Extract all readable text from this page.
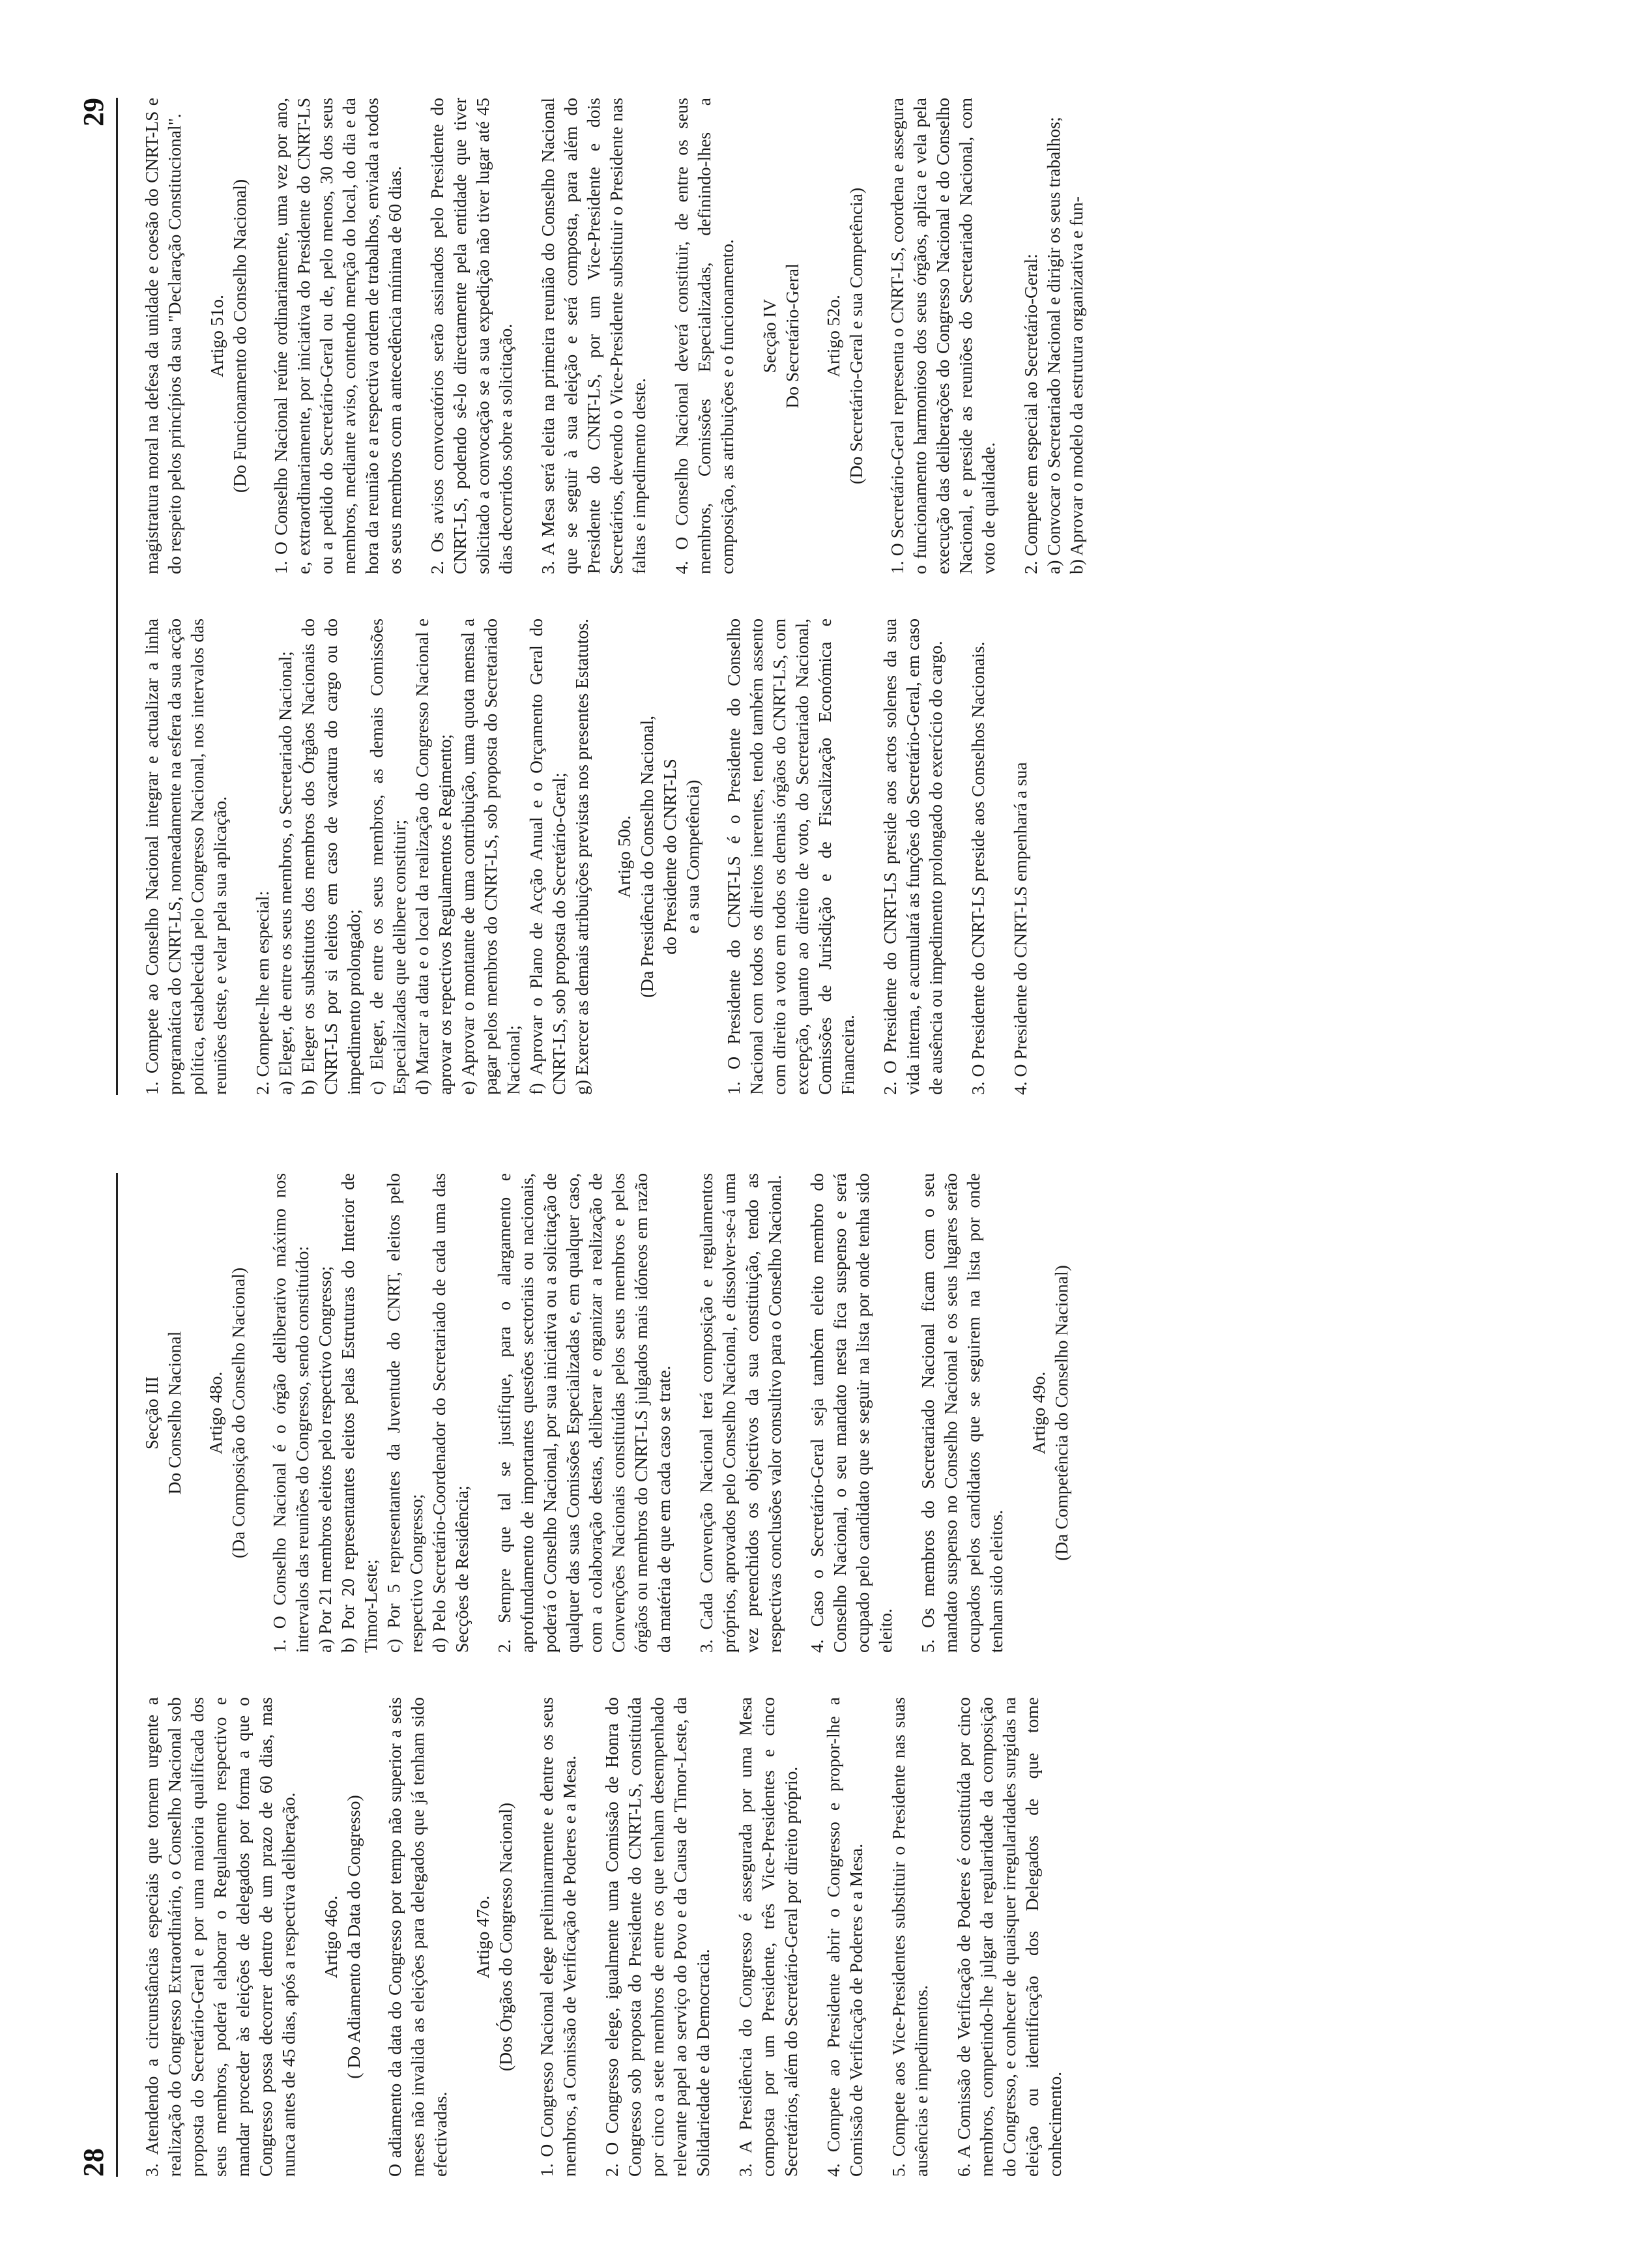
28 3. Atendendo a circunstâncias especiais que tornem urgente a realização do Congresso Extraordinário, o Conselho Nacional sob proposta do Secretário-Geral e por uma maioria qualificada dos seus membros, poderá elaborar o Regulamento respectivo e mandar proceder às eleições de delegados por forma a que o Congresso possa decorrer dentro de um prazo de 60 dias, mas nunca antes de 45 dias, após a respectiva deliberação. Artigo 46o. ( Do Adiamento da Data do Congresso) O adiamento da data do Congresso por tempo não superior a seis meses não invalida as eleições para delegados que já tenham sido efectivadas.

Artigo 47o. (Dos Órgãos do Congresso Nacional) 1. O Congresso Nacional elege preliminarmente e dentre os seus membros, a Comissão de Verificação de Poderes e a Mesa. 2. O Congresso elege, igualmente uma Comissão de Honra do Congresso sob proposta do Presidente do CNRT-LS, constituída por cinco a sete membros de entre os que tenham desempenhado relevante papel ao serviço do Povo e da Causa de Timor-Leste, da Solidariedade e da Democracia. 3. A Presidência do Congresso é assegurada por uma Mesa composta por um Presidente, três Vice-Presidentes e cinco Secretários, além do Secretário-Geral por direito próprio. 4. Compete ao Presidente abrir o Congresso e propor-lhe a Comissão de Verificação de Poderes e a Mesa. 5. Compete aos Vice-Presidentes substituir o Presidente nas suas ausências e impedimentos. 6. A Comissão de Verificação de Poderes é constituída por cinco membros, competindo-lhe julgar da regularidade da composição do Congresso, e conhecer de quaisquer irregularidades surgidas na eleição ou identificação dos Delegados de que tome conhecimento.

Secção III Do Conselho Nacional Artigo 48o. (Da Composição do Conselho Nacional) 1. O Conselho Nacional é o órgão deliberativo máximo nos intervalos das reuniões do Congresso, sendo constituído: a) Por 21 membros eleitos pelo respectivo Congresso; b) Por 20 representantes eleitos pelas Estruturas do Interior de Timor-Leste; c) Por 5 representantes da Juventude do CNRT, eleitos pelo respectivo Congresso; d) Pelo Secretário-Coordenador do Secretariado de cada uma das Secções de Residência; 2. Sempre que tal se justifique, para o alargamento e aprofundamento de importantes questões sectoriais ou nacionais, poderá o Conselho Nacional, por sua iniciativa ou a solicitação de qualquer das suas Comissões Especializadas e, em qualquer caso, com a colaboração destas, deliberar e organizar a realização de Convenções Nacionais constituídas pelos seus membros e pelos órgãos ou membros do CNRT-LS julgados mais idóneos em razão da matéria de que em cada caso se trate. 3. Cada Convenção Nacional terá composição e regulamentos próprios, aprovados pelo Conselho Nacional, e dissolver-se-á uma vez preenchidos os objectivos da sua constituição, tendo as respectivas conclusões valor consultivo para o Conselho Nacional. 4. Caso o Secretário-Geral seja também eleito membro do Conselho Nacional, o seu mandato nesta fica suspenso e será ocupado pelo candidato que se seguir na lista por onde tenha sido eleito. 5. Os membros do Secretariado Nacional ficam com o seu mandato suspenso no Conselho Nacional e os seus lugares serão ocupados pelos candidatos que se seguirem na lista por onde tenham sido eleitos.

Artigo 49o. (Da Competência do Conselho Nacional)
29

1. Compete ao Conselho Nacional integrar e actualizar a linha programática do CNRT-LS, nomeadamente na esfera da sua acção política, estabelecida pelo Congresso Nacional, nos intervalos das reuniões deste, e velar pela sua aplicação. 2. Compete-lhe em especial: a) Eleger, de entre os seus membros, o Secretariado Nacional; b) Eleger os substitutos dos membros dos Órgãos Nacionais do CNRT-LS por si eleitos em caso de vacatura do cargo ou do impedimento prolongado; c) Eleger, de entre os seus membros, as demais Comissões Especializadas que delibere constituir; d) Marcar a data e o local da realização do Congresso Nacional e aprovar os repectivos Regulamentos e Regimento; e) Aprovar o montante de uma contribuição, uma quota mensal a pagar pelos membros do CNRT-LS, sob proposta do Secretariado Nacional; f) Aprovar o Plano de Acção Anual e o Orçamento Geral do CNRT-LS, sob proposta do Secretário-Geral; g) Exercer as demais atribuições previstas nos presentes Estatutos. Artigo 50o. (Da Presidência do Conselho Nacional, do Presidente do CNRT-LS e a sua Competência) 1. O Presidente do CNRT-LS é o Presidente do Conselho Nacional com todos os direitos inerentes, tendo também assento com direito a voto em todos os demais órgãos do CNRT-LS, com excepção, quanto ao direito de voto, do Secretariado Nacional, Comissões de Jurisdição e de Fiscalização Económica e Financeira. 2. O Presidente do CNRT-LS preside aos actos solenes da sua vida interna, e acumulará as funções do Secretário-Geral, em caso de ausência ou impedimento prolongado do exercício do cargo. 3. O Presidente do CNRT-LS preside aos Conselhos Nacionais. 4. O Presidente do CNRT-LS empenhará a sua

magistratura moral na defesa da unidade e coesão do CNRT-LS e do respeito pelos princípios da sua "Declaração Constitucional". Artigo 51o. (Do Funcionamento do Conselho Nacional) 1. O Conselho Nacional reúne ordinariamente, uma vez por ano, e, extraordinariamente, por iniciativa do Presidente do CNRT-LS ou a pedido do Secretário-Geral ou de, pelo menos, 30 dos seus membros, mediante aviso, contendo menção do local, do dia e da hora da reunião e a respectiva ordem de trabalhos, enviada a todos os seus membros com a antecedência mínima de 60 dias. 2. Os avisos convocatórios serão assinados pelo Presidente do CNRT-LS, podendo sê-lo directamente pela entidade que tiver solicitado a convocação se a sua expedição não tiver lugar até 45 dias decorridos sobre a solicitação. 3. A Mesa será eleita na primeira reunião do Conselho Nacional que se seguir à sua eleição e será composta, para além do Presidente do CNRT-LS, por um Vice-Presidente e dois Secretários, devendo o Vice-Presidente substituir o Presidente nas faltas e impedimento deste. 4. O Conselho Nacional deverá constituir, de entre os seus membros, Comissões Especializadas, definindo-lhes a composição, as atribuições e o funcionamento. Secção IV Do Secretário-Geral Artigo 52o. (Do Secretário-Geral e sua Competência) 1. O Secretário-Geral representa o CNRT-LS, coordena e assegura o funcionamento harmonioso dos seus órgãos, aplica e vela pela execução das deliberações do Congresso Nacional e do Conselho Nacional, e preside as reuniões do Secretariado Nacional, com voto de qualidade. 2. Compete em especial ao Secretário-Geral: a) Convocar o Secretariado Nacional e dirigir os seus trabalhos; b) Aprovar o modelo da estrutura organizativa e fun-
